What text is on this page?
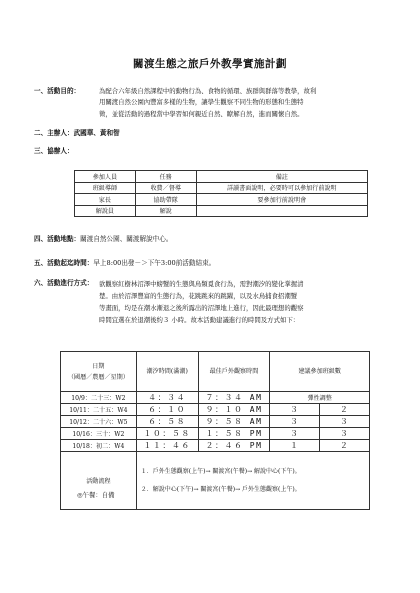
關渡生態之旅戶外教學實施計劃
一、活動目的：	為配合六年級自然課程中的動物行為、食物的循環、族群與群落等教學，故利
用關渡自然公園內豐富多樣的生物，讓學生觀察不同生物的形態和生態特
徵，並從活動的過程當中學習如何親近自然、瞭解自然，進而關懷自然。
二、主辦人：武國華、黃和智
三、協辦人：
參加人員	任務	備註
班級導師	收費／督導	詳讀書面說明，必要時可以參加行前說明
家長	協助帶隊	要參加行前說明會
解說員	解說	
四、活動地點：關渡自然公園、關渡解說中心。
五、活動起迄時間：早上8:00出發－＞下午3:00前活動結束。
六、活動進行方式： 欲觀察紅樹林沼澤中螃蟹的生態與鳥類覓食行為，需對潮汐的變化掌握清
楚。由於沼澤豐富的生態行為，花跳跳來的跳躍，以及水鳥捕食招潮蟹
等畫面，均是在潮水漸退之後所露出的沼澤地上進行，因此最理想的觀察
時間宜選在於退潮後約３ 小時。故本活動建議進行的時間及方式如下：
日期
（國曆／農曆／星期）	潮汐時間(滿潮)	最佳戶外觀察時間	建議參加班級數	
10/9：二十三：W2	４：３４	７：３４ AM	彈性調整	
10/11：二十五：W4	６：１０	９：１０ AM	３	２
10/12：二十六：W5	６：５８	９：５８ AM	３	３
10/16：三十：W2	１０：５８	１：５８ PM	３	３
10/18：初二：W4	１１：４６	２：４６ PM	１	２
活動流程	１．戶外生態觀察(上午)→ 關渡宮(午餐)→ 解說中心(下午)。
２．解說中心(下午)→ 關渡宮(午餐)→ 戶外生態觀察(上午)。			
◎午餐：自備
